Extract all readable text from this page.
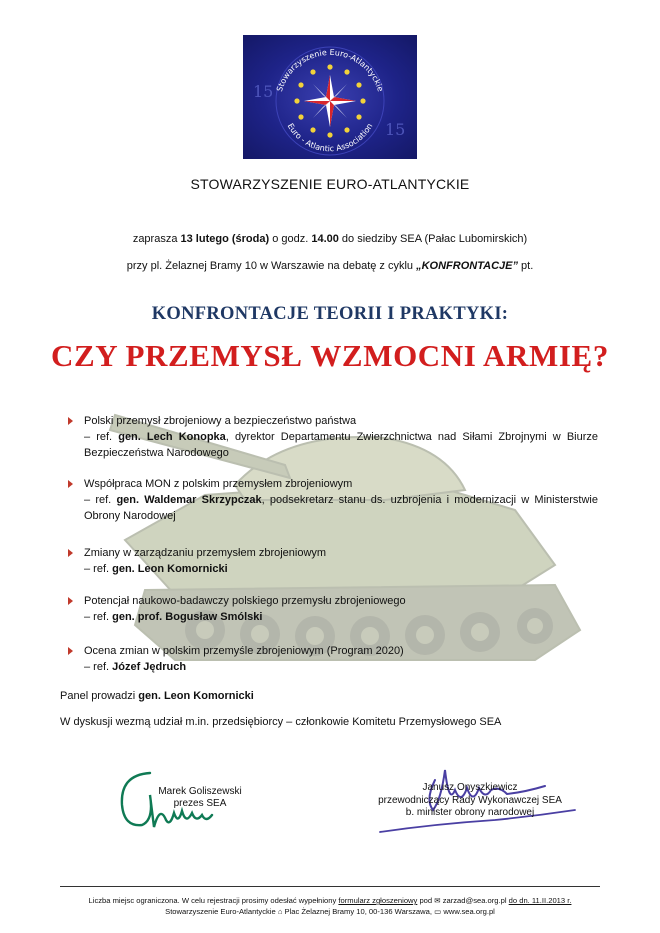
Stowarzyszenie Euro-Atlantyckie
Euro - Atlantic Association
15
15
STOWARZYSZENIE EURO-ATLANTYCKIE
zaprasza 13 lutego (środa) o godz. 14.00 do siedziby SEA (Pałac Lubomirskich)
przy pl. Żelaznej Bramy 10 w Warszawie na debatę z cyklu „KONFRONTACJE” pt.
KONFRONTACJE TEORII I PRAKTYKI:
CZY PRZEMYSŁ WZMOCNI ARMIĘ?
Polski przemysł zbrojeniowy a bezpieczeństwo państwa
– ref. gen. Lech Konopka, dyrektor Departamentu Zwierzchnictwa nad Siłami Zbrojnymi w Biurze Bezpieczeństwa Narodowego
Współpraca MON z polskim przemysłem zbrojeniowym
– ref. gen. Waldemar Skrzypczak, podsekretarz stanu ds. uzbrojenia i modernizacji w Ministerstwie Obrony Narodowej
Zmiany w zarządzaniu przemysłem zbrojeniowym
– ref. gen. Leon Komornicki
Potencjał naukowo-badawczy polskiego przemysłu zbrojeniowego
– ref. gen. prof. Bogusław Smólski
Ocena zmian w polskim przemyśle zbrojeniowym (Program 2020)
– ref. Józef Jędruch
Panel prowadzi gen. Leon Komornicki
W dyskusji wezmą udział m.in. przedsiębiorcy – członkowie Komitetu Przemysłowego SEA
Marek Goliszewski
prezes SEA
Janusz Onyszkiewicz
przewodniczący Rady Wykonawczej SEA
b. minister obrony narodowej
Liczba miejsc ograniczona. W celu rejestracji prosimy odesłać wypełniony formularz zgłoszeniowy pod ✉ zarzad@sea.org.pl do dn. 11.II.2013 r.
Stowarzyszenie Euro-Atlantyckie ⌂ Plac Żelaznej Bramy 10, 00-136 Warszawa, ▭ www.sea.org.pl
